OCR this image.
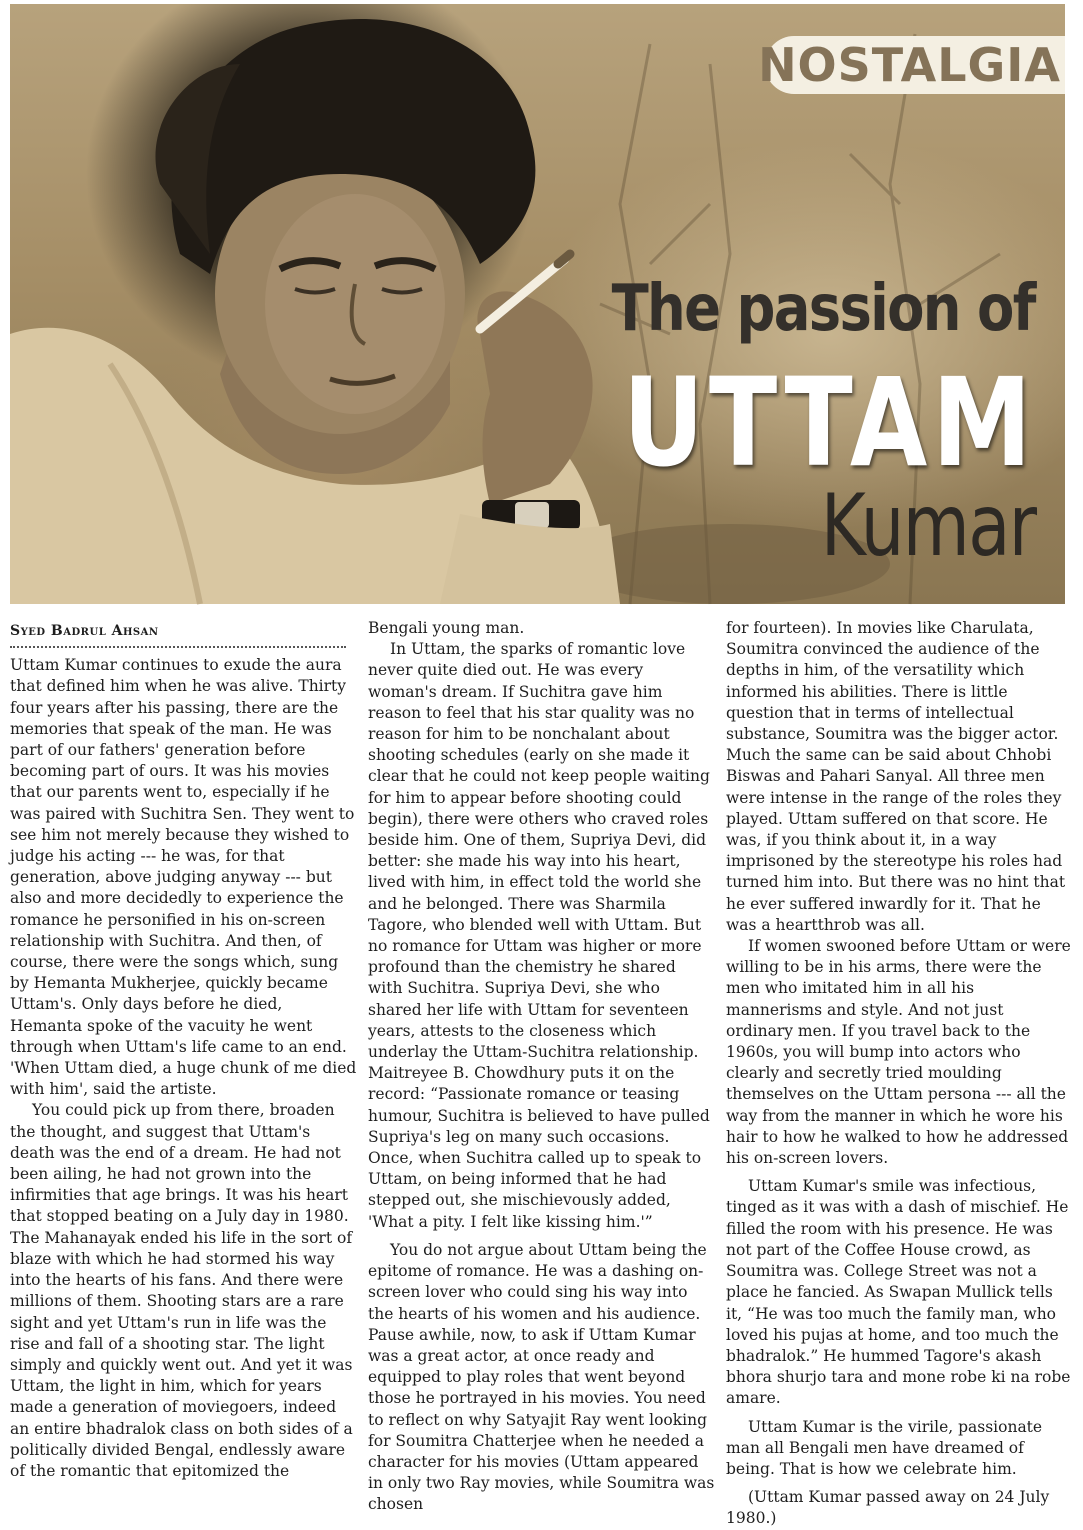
NOSTALGIA
The passion of
UTTAM
Kumar
Syed Badrul Ahsan

Uttam Kumar continues to exude the aura that defined him when he was alive. Thirty four years after his passing, there are the memories that speak of the man. He was part of our fathers' generation before becoming part of ours. It was his movies that our parents went to, especially if he was paired with Suchitra Sen. They went to see him not merely because they wished to judge his acting --- he was, for that generation, above judging anyway --- but also and more decidedly to experience the romance he personified in his on-screen relationship with Suchitra. And then, of course, there were the songs which, sung by Hemanta Mukherjee, quickly became Uttam's. Only days before he died, Hemanta spoke of the vacuity he went through when Uttam's life came to an end. 'When Uttam died, a huge chunk of me died with him', said the artiste.

You could pick up from there, broaden the thought, and suggest that Uttam's death was the end of a dream. He had not been ailing, he had not grown into the infirmities that age brings. It was his heart that stopped beating on a July day in 1980. The Mahanayak ended his life in the sort of blaze with which he had stormed his way into the hearts of his fans. And there were millions of them. Shooting stars are a rare sight and yet Uttam's run in life was the rise and fall of a shooting star. The light simply and quickly went out. And yet it was Uttam, the light in him, which for years made a generation of moviegoers, indeed an entire bhadralok class on both sides of a politically divided Bengal, endlessly aware of the romantic that epitomized the

Bengali young man.

In Uttam, the sparks of romantic love never quite died out. He was every woman's dream. If Suchitra gave him reason to feel that his star quality was no reason for him to be nonchalant about shooting schedules (early on she made it clear that he could not keep people waiting for him to appear before shooting could begin), there were others who craved roles beside him. One of them, Supriya Devi, did better: she made his way into his heart, lived with him, in effect told the world she and he belonged. There was Sharmila Tagore, who blended well with Uttam. But no romance for Uttam was higher or more profound than the chemistry he shared with Suchitra. Supriya Devi, she who shared her life with Uttam for seventeen years, attests to the closeness which underlay the Uttam-Suchitra relationship. Maitreyee B. Chowdhury puts it on the record: “Passionate romance or teasing humour, Suchitra is believed to have pulled Supriya's leg on many such occasions. Once, when Suchitra called up to speak to Uttam, on being informed that he had stepped out, she mischievously added, 'What a pity. I felt like kissing him.'”

You do not argue about Uttam being the epitome of romance. He was a dashing on-screen lover who could sing his way into the hearts of his women and his audience. Pause awhile, now, to ask if Uttam Kumar was a great actor, at once ready and equipped to play roles that went beyond those he portrayed in his movies. You need to reflect on why Satyajit Ray went looking for Soumitra Chatterjee when he needed a character for his movies (Uttam appeared in only two Ray movies, while Soumitra was chosen

for fourteen). In movies like Charulata, Soumitra convinced the audience of the depths in him, of the versatility which informed his abilities. There is little question that in terms of intellectual substance, Soumitra was the bigger actor. Much the same can be said about Chhobi Biswas and Pahari Sanyal. All three men were intense in the range of the roles they played. Uttam suffered on that score. He was, if you think about it, in a way imprisoned by the stereotype his roles had turned him into. But there was no hint that he ever suffered inwardly for it. That he was a heartthrob was all.

If women swooned before Uttam or were willing to be in his arms, there were the men who imitated him in all his mannerisms and style. And not just ordinary men. If you travel back to the 1960s, you will bump into actors who clearly and secretly tried moulding themselves on the Uttam persona --- all the way from the manner in which he wore his hair to how he walked to how he addressed his on-screen lovers.

Uttam Kumar's smile was infectious, tinged as it was with a dash of mischief. He filled the room with his presence. He was not part of the Coffee House crowd, as Soumitra was. College Street was not a place he fancied. As Swapan Mullick tells it, “He was too much the family man, who loved his pujas at home, and too much the bhadralok.” He hummed Tagore's akash bhora shurjo tara and mone robe ki na robe amare.

Uttam Kumar is the virile, passionate man all Bengali men have dreamed of being. That is how we celebrate him.

(Uttam Kumar passed away on 24 July 1980.)
